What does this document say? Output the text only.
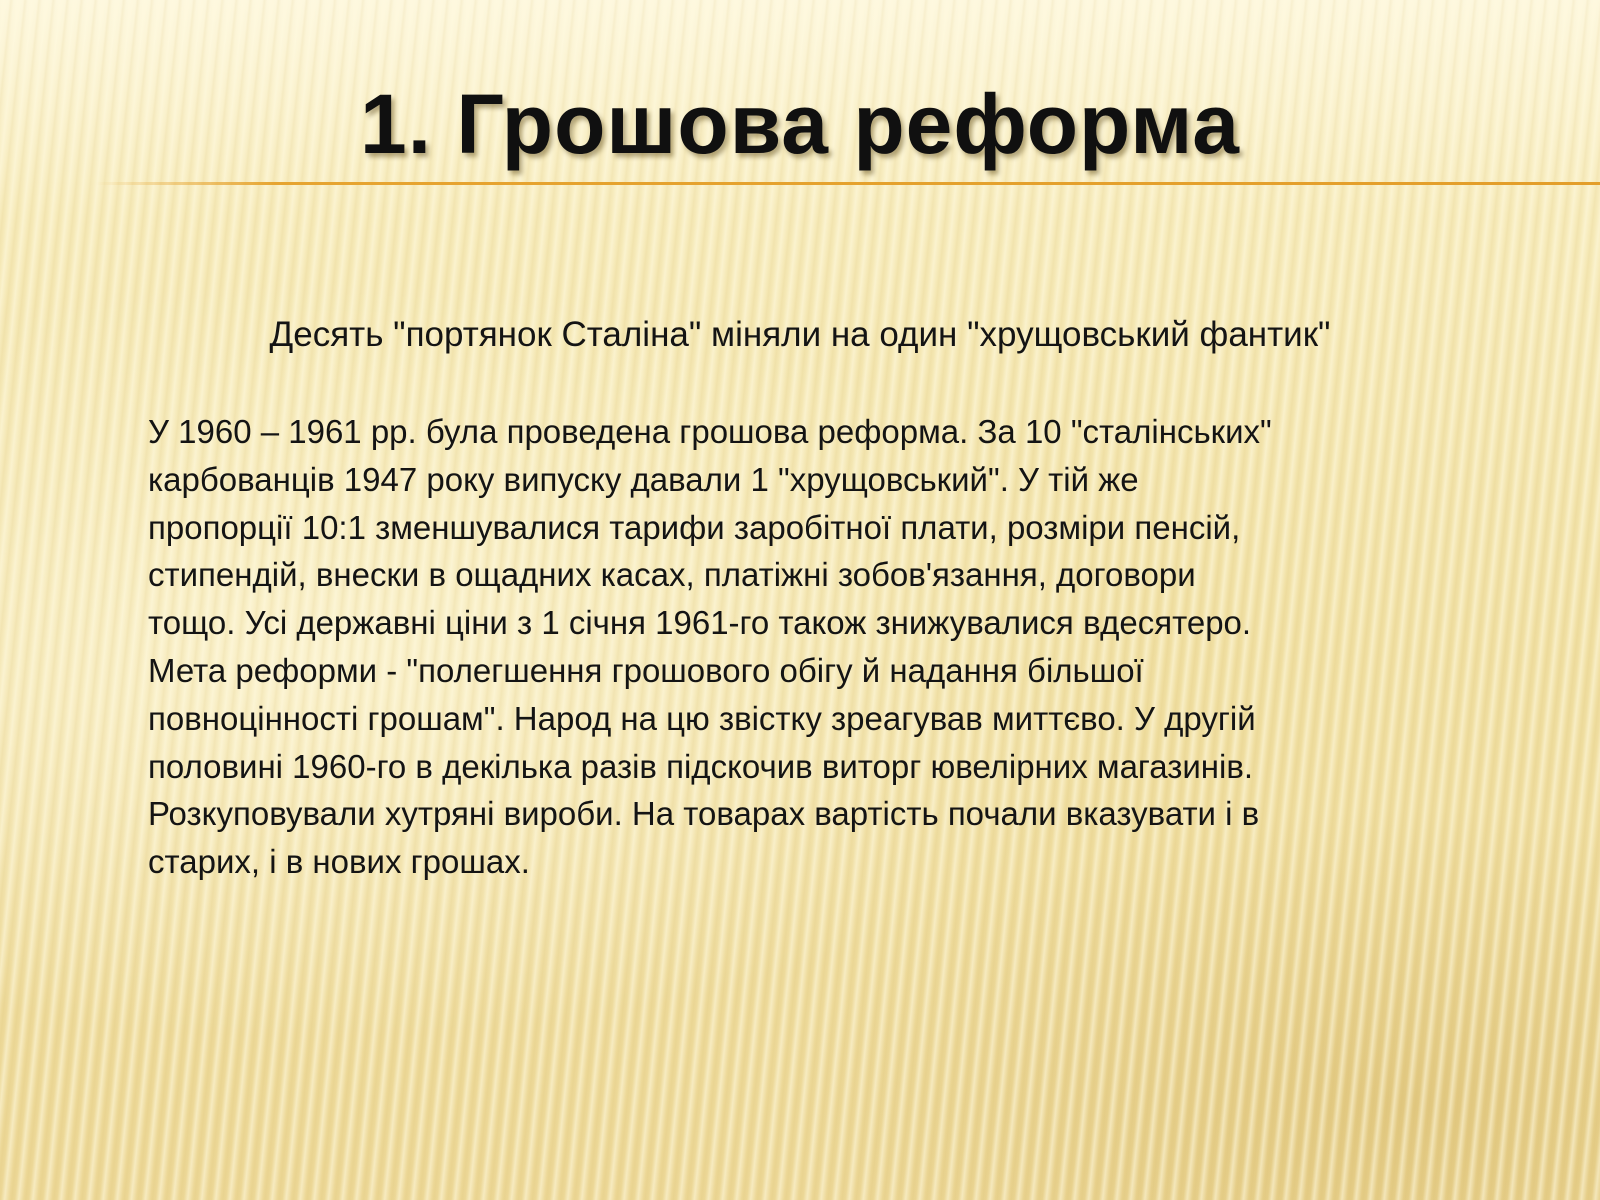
1. Грошова реформа

Десять "портянок Сталіна" міняли на один "хрущовський фантик"

У 1960 – 1961 рр. була проведена грошова реформа. За 10 "сталінських"
карбованців 1947 року випуску давали 1 "хрущовський". У тій же
пропорції 10:1 зменшувалися тарифи заробітної плати, розміри пенсій,
стипендій, внески в ощадних касах, платіжні зобов'язання, договори
тощо. Усі державні ціни з 1 січня 1961-го також знижувалися вдесятеро.
Мета реформи - "полегшення грошового обігу й надання більшої
повноцінності грошам". Народ на цю звістку зреагував миттєво. У другій
половині 1960-го в декілька разів підскочив виторг ювелірних магазинів.
Розкуповували хутряні вироби. На товарах вартість почали вказувати і в
старих, і в нових грошах.
